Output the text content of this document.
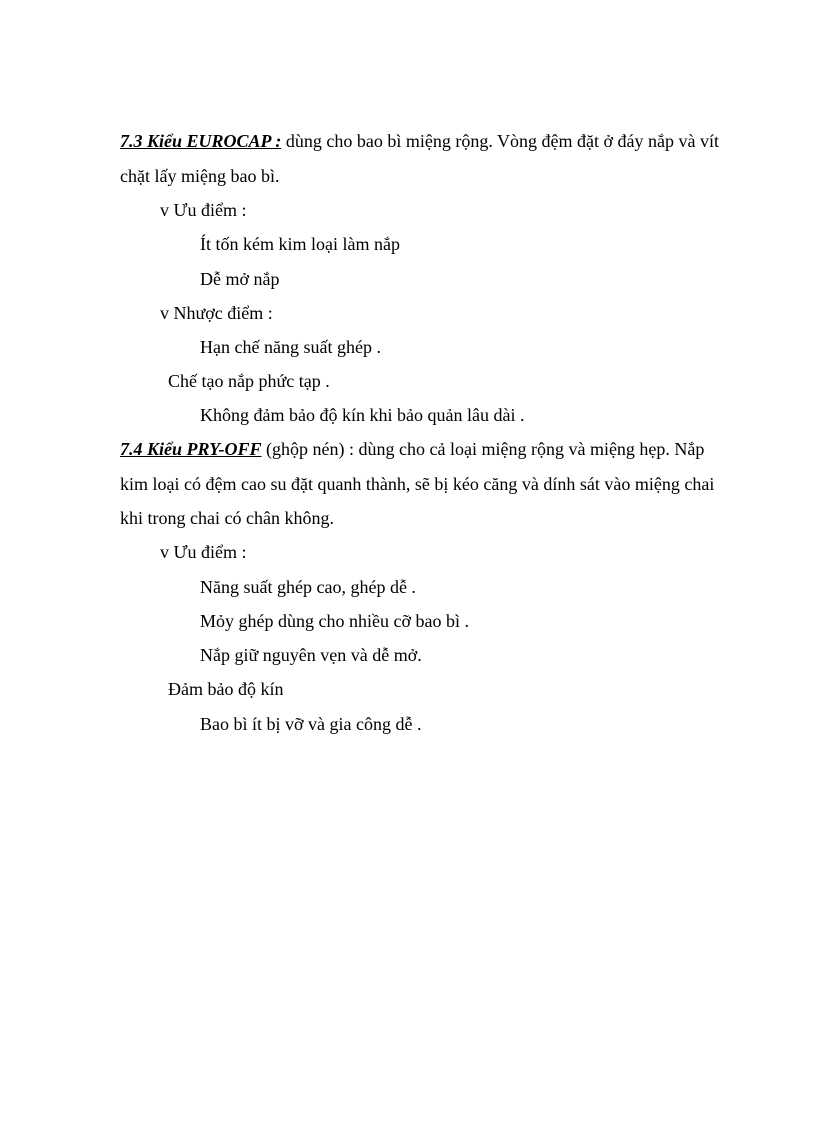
7.3 Kiểu EUROCAP : dùng cho bao bì miệng rộng. Vòng đệm đặt ở đáy nắp và vít
chặt lấy miệng bao bì.
v Ưu điểm :
Ít tốn kém kim loại làm nắp
Dễ mở nắp
v Nhược điểm :
Hạn chế năng suất ghép .
Chế tạo nắp phức tạp .
Không đảm bảo độ kín khi bảo quản lâu dài .
7.4 Kiểu PRY-OFF (ghộp nén) : dùng cho cả loại miệng rộng và miệng hẹp. Nắp
kim loại có đệm cao su đặt quanh thành, sẽ bị kéo căng và dính sát vào miệng chai
khi trong chai có chân không.
v Ưu điểm :
Năng suất ghép cao, ghép dễ .
Mỏy ghép dùng cho nhiều cỡ bao bì .
Nắp giữ nguyên vẹn và dễ mở.
Đảm bảo độ kín
Bao bì ít bị vỡ và gia công dễ .
